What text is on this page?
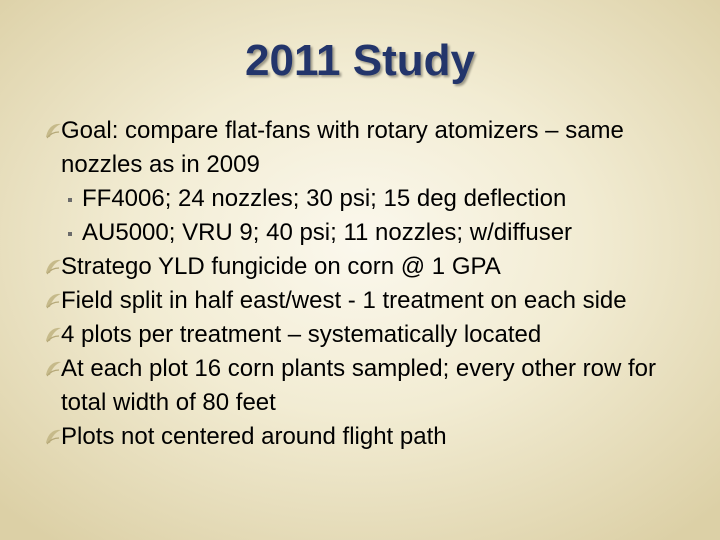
2011 Study
Goal: compare flat-fans with rotary atomizers – same nozzles as in 2009
FF4006; 24 nozzles; 30 psi; 15 deg deflection
AU5000; VRU 9; 40 psi; 11 nozzles; w/diffuser
Stratego YLD fungicide on corn @ 1 GPA
Field split in half east/west - 1 treatment on each side
4 plots per treatment – systematically located
At each plot 16 corn plants sampled; every other row for total width of 80 feet
Plots not centered around flight path
